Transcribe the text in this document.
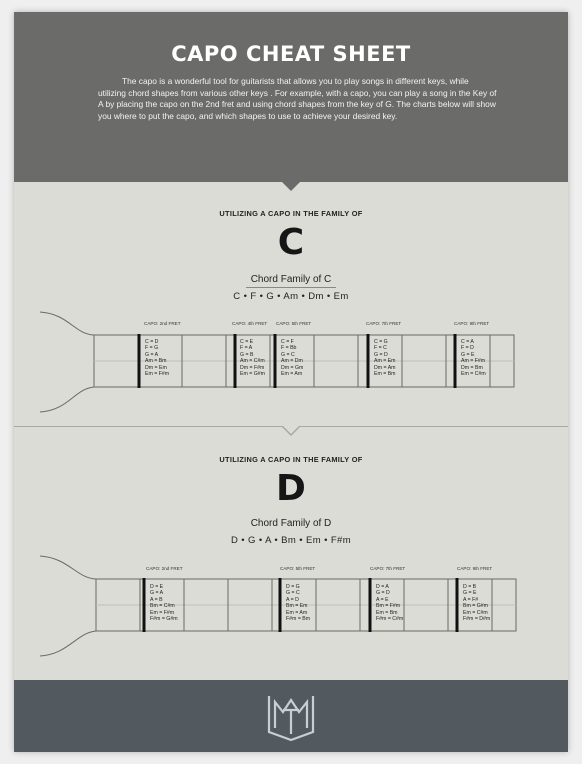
CAPO CHEAT SHEET

The capo is a wonderful tool for guitarists that allows you to play songs in different keys, while utilizing chord shapes from various other keys . For example, with a capo, you can play a song in the Key of A by placing the capo on the 2nd fret and using chord shapes from the key of G. The charts below will show you where to put the capo, and which shapes to use to achieve your desired key.

UTILIZING A CAPO IN THE FAMILY OF
C
Chord Family of C
C • F • G • Am • Dm • Em
CAPO: 2nd FRET	CAPO: 4th FRET CAPO: 5th FRET	CAPO: 7th FRET	CAPO: 9th FRET
C = D
F = G
G = A
Am = Bm
Dm = Em
Em = F#m
C = E
F = A
G = B
Am = C#m
Dm = F#m
Em = G#m
C = F
F = Bb
G = C
Am = Dm
Dm = Gm
Em = Am
C = G
F = C
G = D
Am = Em
Dm = Am
Em = Bm
C = A
F = D
G = E
Am = F#m
Dm = Bm
Em = C#m
UTILIZING A CAPO IN THE FAMILY OF
D
Chord Family of D
D • G • A • Bm • Em • F#m
CAPO: 2nd FRET	CAPO: 5th FRET	CAPO: 7th FRET	CAPO: 9th FRET
D = E
G = A
A = B
Bm = C#m
Em = F#m
F#m = G#m
D = G
G = C
A = D
Bm = Em
Em = Am
F#m = Bm
D = A
G = D
A = E
Bm = F#m
Em = Bm
F#m = C#m
D = B
G = E
A = F#
Bm = G#m
Em = C#m
F#m = D#m
